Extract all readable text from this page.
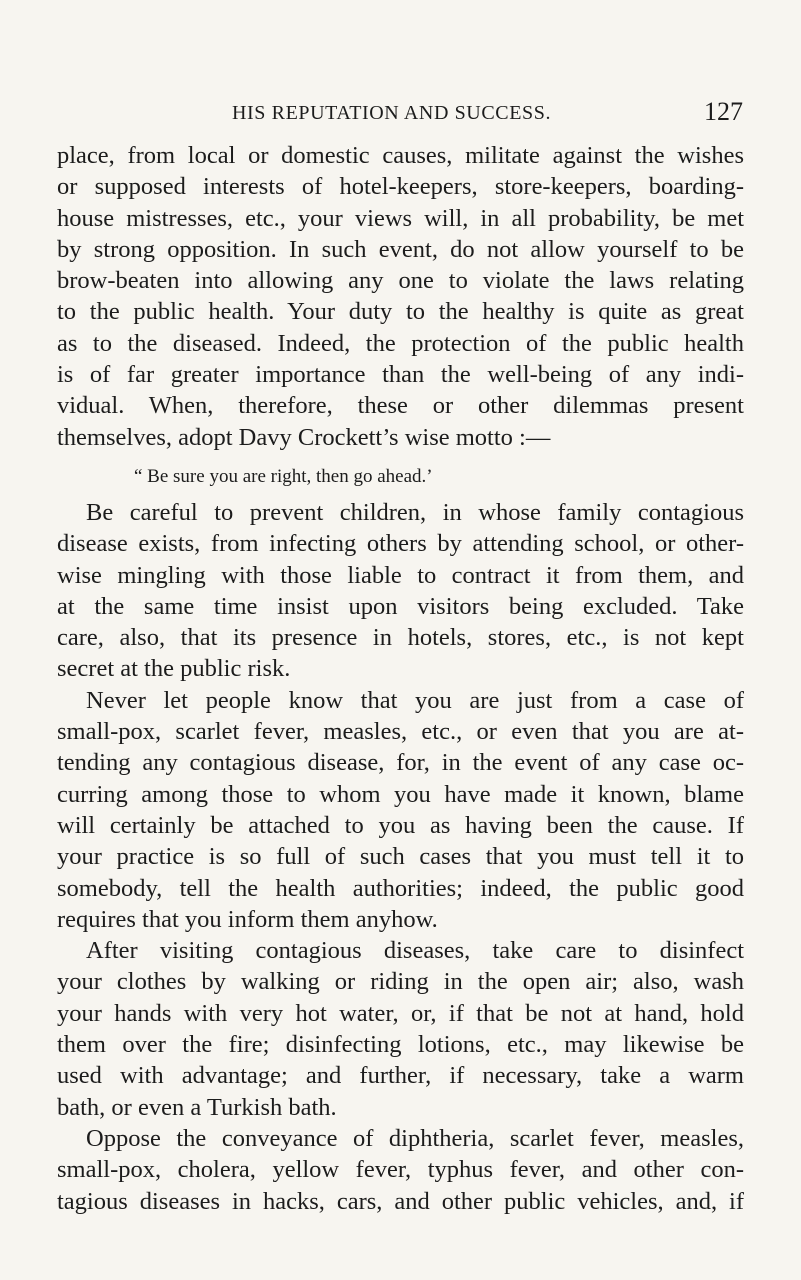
HIS REPUTATION AND SUCCESS.	127
place, from local or domestic causes, militate against the wishes
or supposed interests of hotel-keepers, store-keepers, boarding-
house mistresses, etc., your views will, in all probability, be met
by strong opposition. In such event, do not allow yourself to be
brow-beaten into allowing any one to violate the laws relating
to the public health. Your duty to the healthy is quite as great
as to the diseased. Indeed, the protection of the public health
is of far greater importance than the well-being of any indi-
vidual. When, therefore, these or other dilemmas present
themselves, adopt Davy Crockett’s wise motto :—
“ Be sure you are right, then go ahead.’
Be careful to prevent children, in whose family contagious
disease exists, from infecting others by attending school, or other-
wise mingling with those liable to contract it from them, and
at the same time insist upon visitors being excluded. Take
care, also, that its presence in hotels, stores, etc., is not kept
secret at the public risk.
Never let people know that you are just from a case of
small-pox, scarlet fever, measles, etc., or even that you are at-
tending any contagious disease, for, in the event of any case oc-
curring among those to whom you have made it known, blame
will certainly be attached to you as having been the cause. If
your practice is so full of such cases that you must tell it to
somebody, tell the health authorities; indeed, the public good
requires that you inform them anyhow.
After visiting contagious diseases, take care to disinfect
your clothes by walking or riding in the open air; also, wash
your hands with very hot water, or, if that be not at hand, hold
them over the fire; disinfecting lotions, etc., may likewise be
used with advantage; and further, if necessary, take a warm
bath, or even a Turkish bath.
Oppose the conveyance of diphtheria, scarlet fever, measles,
small-pox, cholera, yellow fever, typhus fever, and other con-
tagious diseases in hacks, cars, and other public vehicles, and, if
